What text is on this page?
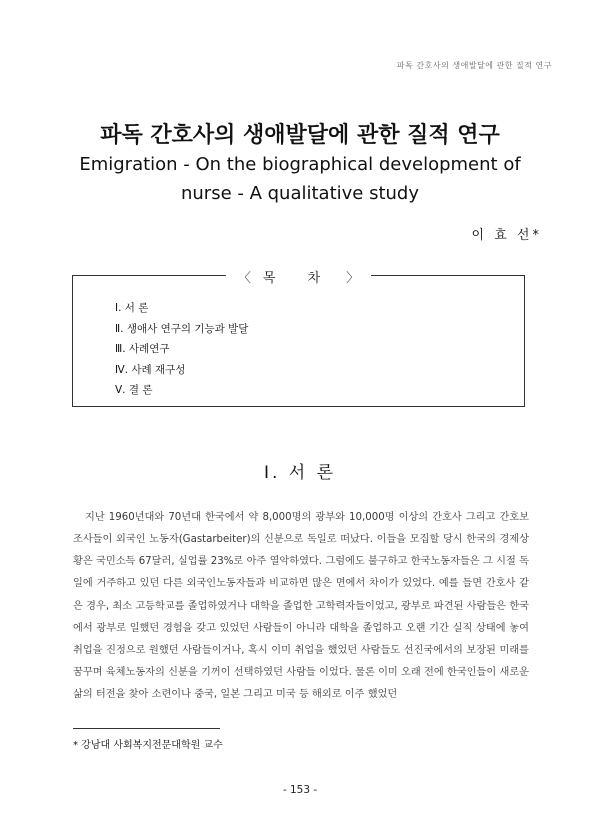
파독 간호사의 생애발달에 관한 질적 연구
파독 간호사의 생애발달에 관한 질적 연구
Emigration - On the biographical development of
nurse - A qualitative study
이 효 선*
〈 목 차 〉
Ⅰ. 서 론
Ⅱ. 생애사 연구의 기능과 발달
Ⅲ. 사례연구
Ⅳ. 사례 재구성
Ⅴ. 결 론
Ⅰ. 서 론

지난 1960년대와 70년대 한국에서 약 8,000명의 광부와 10,000명 이상의 간호사 그리고 간호보조사들이 외국인 노동자(Gastarbeiter)의 신분으로 독일로 떠났다. 이들을 모집할 당시 한국의 경제상황은 국민소득 67달러, 실업률 23%로 아주 열악하였다. 그럼에도 불구하고 한국노동자들은 그 시절 독일에 거주하고 있던 다른 외국인노동자들과 비교하면 많은 면에서 차이가 있었다. 예를 들면 간호사 같은 경우, 최소 고등학교를 졸업하였거나 대학을 졸업한 고학력자들이었고, 광부로 파견된 사람들은 한국에서 광부로 일했던 경험을 갖고 있었던 사람들이 아니라 대학을 졸업하고 오랜 기간 실직 상태에 놓여 취업을 진정으로 원했던 사람들이거나, 혹시 이미 취업을 했었던 사람들도 선진국에서의 보장된 미래를 꿈꾸며 육체노동자의 신분을 기꺼이 선택하였던 사람들 이었다. 물론 이미 오래 전에 한국인들이 새로운 삶의 터전을 찾아 소련이나 중국, 일본 그리고 미국 등 해외로 이주 했었던

* 강남대 사회복지전문대학원 교수
- 153 -
